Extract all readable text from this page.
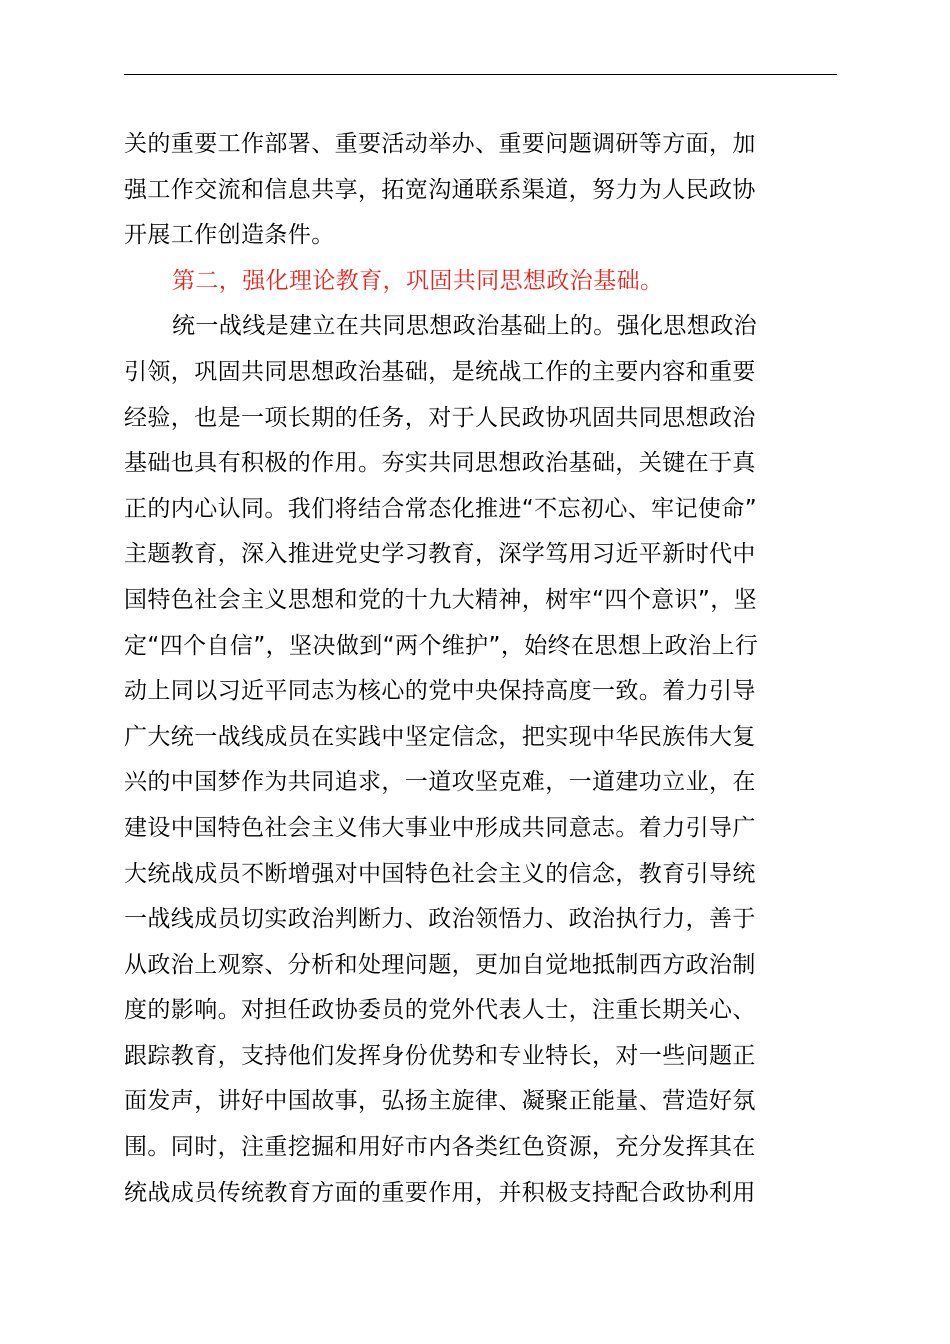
关的重要工作部署、重要活动举办、重要问题调研等方面，加
强工作交流和信息共享，拓宽沟通联系渠道，努力为人民政协
开展工作创造条件。
第二，强化理论教育，巩固共同思想政治基础。
统一战线是建立在共同思想政治基础上的。强化思想政治
引领，巩固共同思想政治基础，是统战工作的主要内容和重要
经验，也是一项长期的任务，对于人民政协巩固共同思想政治
基础也具有积极的作用。夯实共同思想政治基础，关键在于真
正的内心认同。我们将结合常态化推进“不忘初心、牢记使命”
主题教育，深入推进党史学习教育，深学笃用习近平新时代中
国特色社会主义思想和党的十九大精神，树牢“四个意识”，坚
定“四个自信”，坚决做到“两个维护”，始终在思想上政治上行
动上同以习近平同志为核心的党中央保持高度一致。着力引导
广大统一战线成员在实践中坚定信念，把实现中华民族伟大复
兴的中国梦作为共同追求，一道攻坚克难，一道建功立业，在
建设中国特色社会主义伟大事业中形成共同意志。着力引导广
大统战成员不断增强对中国特色社会主义的信念，教育引导统
一战线成员切实政治判断力、政治领悟力、政治执行力，善于
从政治上观察、分析和处理问题，更加自觉地抵制西方政治制
度的影响。对担任政协委员的党外代表人士，注重长期关心、
跟踪教育，支持他们发挥身份优势和专业特长，对一些问题正
面发声，讲好中国故事，弘扬主旋律、凝聚正能量、营造好氛
围。同时，注重挖掘和用好市内各类红色资源，充分发挥其在
统战成员传统教育方面的重要作用，并积极支持配合政协利用
